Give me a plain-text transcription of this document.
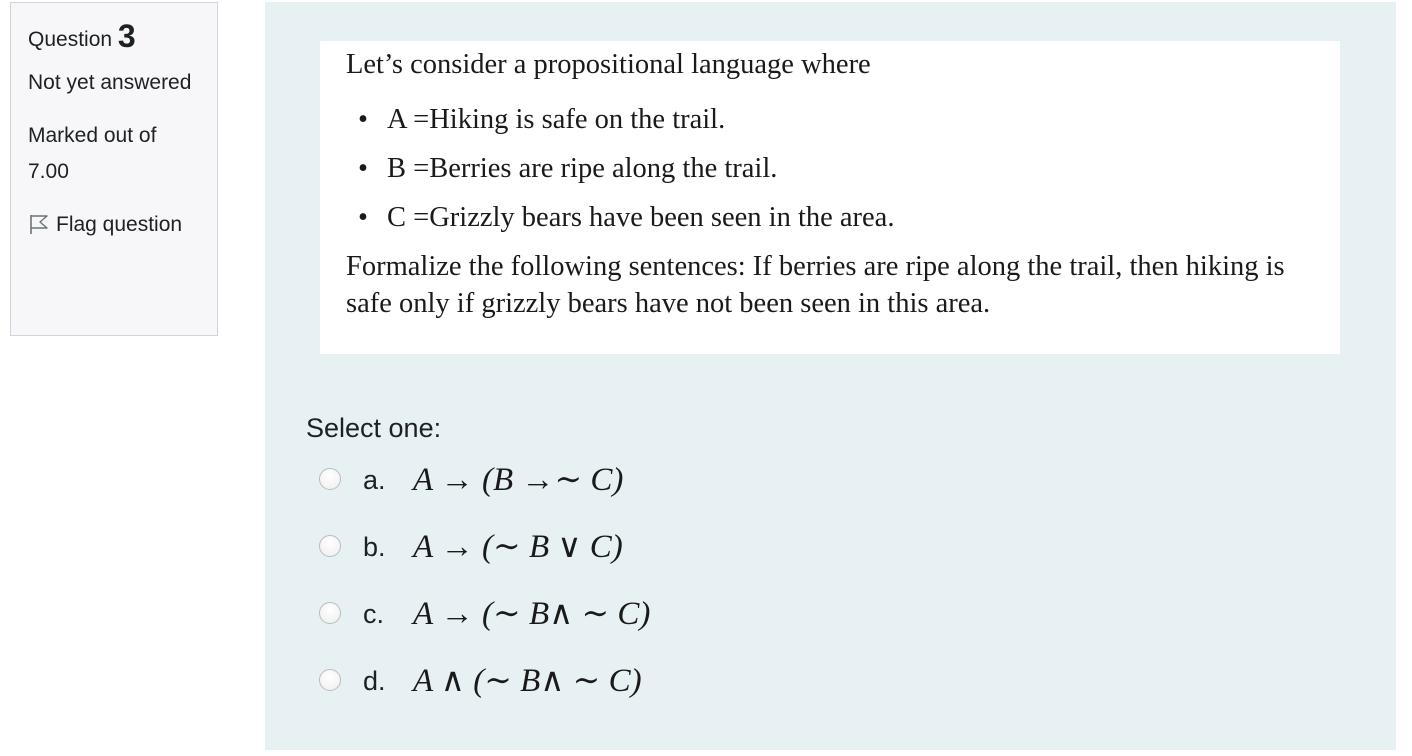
Question 3
Not yet answered
Marked out of 7.00
Flag question

Let’s consider a propositional language where

• A =Hiking is safe on the trail.
• B =Berries are ripe along the trail.
• C =Grizzly bears have been seen in the area.

Formalize the following sentences: If berries are ripe along the trail, then hiking is safe only if grizzly bears have not been seen in this area.

Select one:

a. A → (B →∼ C)
b. A → (∼ B ∨ C)
c. A → (∼ B∧ ∼ C)
d. A ∧ (∼ B∧ ∼ C)
